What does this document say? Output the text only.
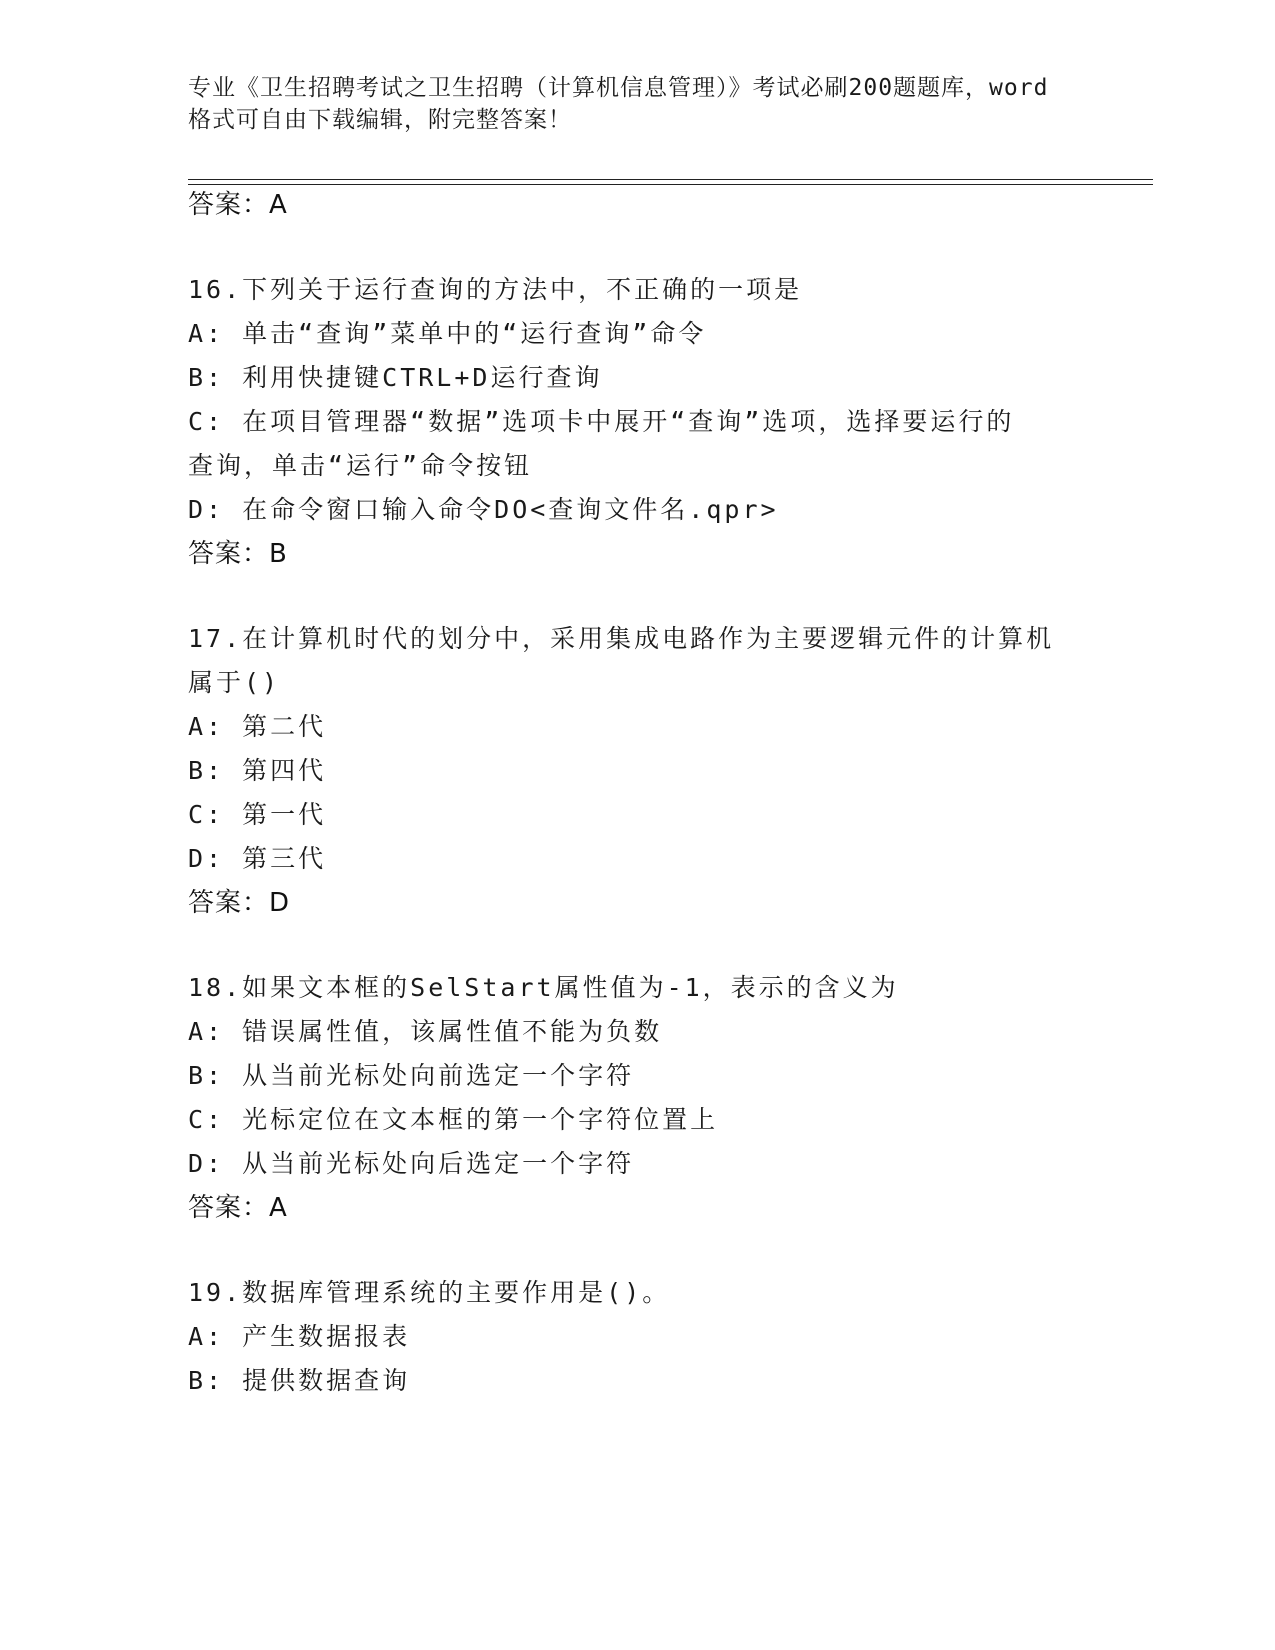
专业《卫生招聘考试之卫生招聘（计算机信息管理）》考试必刷200题题库，word
格式可自由下载编辑，附完整答案！
答案：A
16.下列关于运行查询的方法中，不正确的一项是
A: 单击“查询”菜单中的“运行查询”命令
B: 利用快捷键CTRL+D运行查询
C: 在项目管理器“数据”选项卡中展开“查询”选项，选择要运行的
查询，单击“运行”命令按钮
D: 在命令窗口输入命令DO<查询文件名.qpr>
答案：B
17.在计算机时代的划分中，采用集成电路作为主要逻辑元件的计算机
属于()
A: 第二代
B: 第四代
C: 第一代
D: 第三代
答案：D
18.如果文本框的SelStart属性值为-1，表示的含义为
A: 错误属性值，该属性值不能为负数
B: 从当前光标处向前选定一个字符
C: 光标定位在文本框的第一个字符位置上
D: 从当前光标处向后选定一个字符
答案：A
19.数据库管理系统的主要作用是()。
A: 产生数据报表
B: 提供数据查询
